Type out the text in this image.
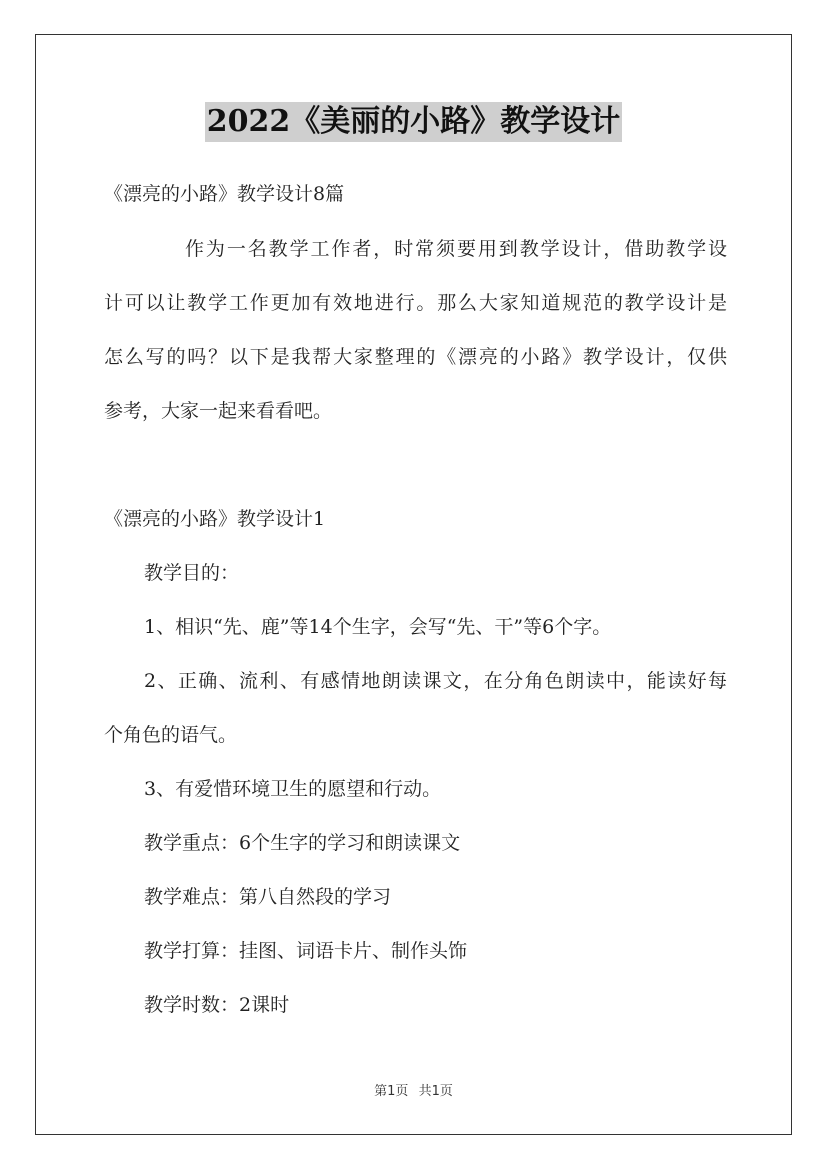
2022《美丽的小路》教学设计
《漂亮的小路》教学设计8篇
作为一名教学工作者，时常须要用到教学设计，借助教学设
计可以让教学工作更加有效地进行。那么大家知道规范的教学设计是
怎么写的吗？以下是我帮大家整理的《漂亮的小路》教学设计，仅供
参考，大家一起来看看吧。
《漂亮的小路》教学设计1
教学目的：
1、相识“先、鹿”等14个生字，会写“先、干”等6个字。
2、正确、流利、有感情地朗读课文，在分角色朗读中，能读好每
个角色的语气。
3、有爱惜环境卫生的愿望和行动。
教学重点：6个生字的学习和朗读课文
教学难点：第八自然段的学习
教学打算：挂图、词语卡片、制作头饰
教学时数：2课时
第1页 共1页
